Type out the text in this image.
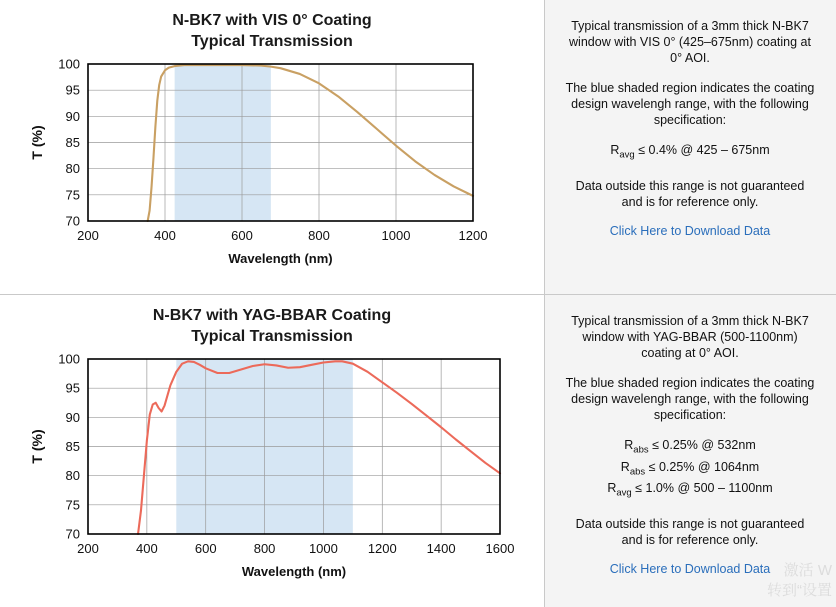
N-BK7 with VIS 0° Coating
Typical Transmission
70
75
80
85
90
95
100
200	400	600	800	1000	1200
Wavelength (nm)
T (%)

Typical transmission of a 3mm thick N-BK7 window with VIS 0° (425–675nm) coating at 0° AOI.

The blue shaded region indicates the coating design wavelengh range, with the following specification:

$R_{avg} \le 0.4\%$ @ 425 – 675nm

Data outside this range is not guaranteed and is for reference only.

Click Here to Download Data
N-BK7 with YAG-BBAR Coating
Typical Transmission
70
75
80
85
90
95
100
200	400	600	800	1000 1200 1400 1600
Wavelength (nm)
T (%)

Typical transmission of a 3mm thick N-BK7 window with YAG-BBAR (500-1100nm) coating at 0° AOI.

The blue shaded region indicates the coating design wavelengh range, with the following specification:

$R_{abs} \le 0.25\%$ @ 532nm
$R_{abs} \le 0.25\%$ @ 1064nm
$R_{avg} \le 1.0\%$ @ 500 – 1100nm

Data outside this range is not guaranteed and is for reference only.

Click Here to Download Data 激活 W
转到“设置
